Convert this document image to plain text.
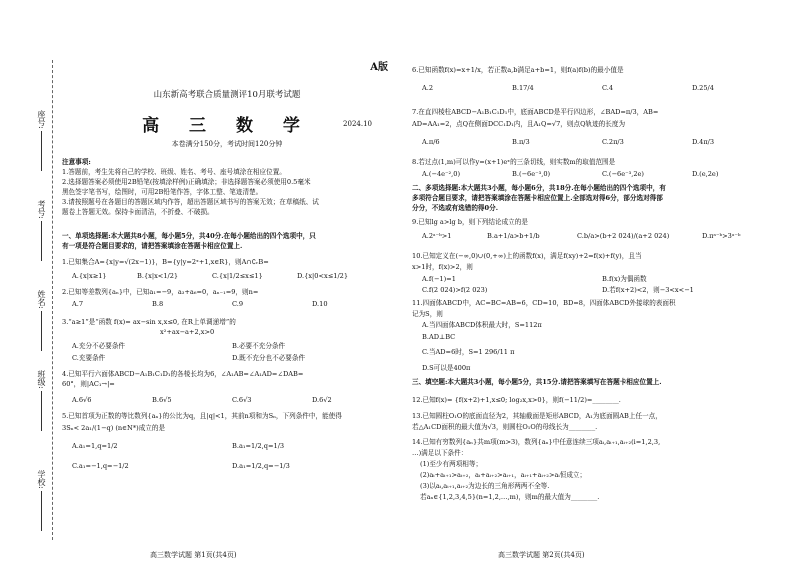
学校:
班级:
姓名:
考号:
座号:
A版
山东新高考联合质量测评10月联考试题
高 三 数 学	2024.10
本卷满分150分，考试时间120分钟
注意事项:
1.答题前，考生先将自己的学校、班级、姓名、考号、座号填涂在相应位置。
2.选择题答案必须使用2B铅笔(按填涂样例)正确填涂；非选择题答案必须使用0.5毫米
黑色签字笔书写，绘图时，可用2B铅笔作答，字体工整、笔迹清楚。
3.请按照题号在各题目的答题区域内作答，超出答题区域书写的答案无效；在草稿纸、试
题卷上答题无效。保持卡面清洁，不折叠、不破损。
一、单项选择题:本大题共8小题，每小题5分，共40分.在每小题给出的四个选项中，只
有一项是符合题目要求的，请把答案填涂在答题卡相应位置上.
1.已知集合A={x|y=√(2x−1)}，B={y|y=2ˣ+1,x∈R}，则A∩∁ᵣB=
A.{x|x≥1}	B.{x|x<1/2}	C.{x|1/2≤x≤1}	D.{x|0<x≤1/2}
2.已知等差数列{aₙ}中，已知a₁=−9，a₃+a₆=0，aₙ₋₁=9，则n=
A.7	B.8	C.9	D.10
3.“a≥1”是“函数 f(x)= ax−sin x,x≤0, 在R上单调递增”的
x²+ax−a+2,x>0
A.充分不必要条件	B.必要不充分条件
C.充要条件	D.既不充分也不必要条件
4.已知平行六面体ABCD−A₁B₁C₁D₁的各棱长均为6，∠A₁AB=∠A₁AD=∠DAB=
60°，则|AC₁→|=
A.6√6	B.6√5	C.6√3	D.6√2
5.已知首项为正数的等比数列{aₙ}的公比为q，且|q|<1，其前n项和为Sₙ，下列条件中，能使得
3Sₙ< 2a₁/(1−q) (n∈N*)成立的是
A.a₁=1,q=1/2	B.a₁=1/2,q=1/3
C.a₁=−1,q=−1/2	D.a₁=1/2,q=−1/3
高三数学试题 第1页(共4页)
6.已知函数f(x)=x+1/x，若正数a,b满足a+b=1，则f(a)f(b)的最小值是
A.2	B.17/4	C.4	D.25/4
7.在直四棱柱ABCD−A₁B₁C₁D₁中，底面ABCD是平行四边形，∠BAD=π/3，AB=
AD=AA₁=2，点Q在侧面DCC₁D₁内，且A₁Q=√7，则点Q轨迹的长度为
A.π/6	B.π/3	C.2π/3	D.4π/3
8.若过点(1,m)可以作y=(x+1)eˣ的三条切线，则实数m的取值范围是
A.(−4e⁻²,0)	B.(−6e⁻³,0)	C.(−6e⁻³,2e)	D.(e,2e)
二、多项选择题:本大题共3小题，每小题6分，共18分.在每小题给出的四个选项中，有
多项符合题目要求，请把答案填涂在答题卡相应位置上.全部选对得6分，部分选对得部
分分，不选或有选错的得0分.
9.已知lg a>lg b，则下列结论成立的是
A.2ᵃ⁻ᵇ>1	B.a+1/a>b+1/b	C.b/a>(b+2 024)/(a+2 024)	D.πᵃ⁻ᵇ>3ᵃ⁻ᵇ
10.已知定义在(−∞,0)∪(0,+∞)上的函数f(x)，满足f(xy)+2=f(x)+f(y)，且当
x>1时，f(x)>2，则
A.f(−1)=1	B.f(x)为偶函数
C.f(2 024)>f(2 023)	D.若f(x+2)<2，则−3<x<−1
11.四面体ABCD中，AC=BC=AB=6，CD=10，BD=8，四面体ABCD外接球的表面积
记为S，则
A.当四面体ABCD体积最大时，S=112π
B.AD⊥BC
C.当AD=6时，S=1 296/11 π
D.S可以是400π
三、填空题:本大题共3小题，每小题5分，共15分.请把答案填写在答题卡相应位置上.
12.已知f(x)= {f(x+2)+1,x≤0; log₂x,x>0}，则f(−11/2)=________.
13.已知圆柱O₁O的底面直径为2，其轴截面是矩形ABCD，A₁为底面圆AB上任一点，
若△A₁CD面积的最大值为√3，则圆柱O₁O的母线长为________.
14.已知有穷数列{aₙ}共m项(m>3)，数列{aₙ}中任意连续三项aᵢ,aᵢ₊₁,aᵢ₊₂(i=1,2,3,
…)满足以下条件：
(1)至少有两项相等；
(2)aᵢ+aᵢ₊₁>aᵢ₊₂，aᵢ+aᵢ₊₂>aᵢ₊₁，aᵢ₊₁+aᵢ₊₂>aᵢ恒成立；
(3)以aᵢ,aᵢ₊₁,aᵢ₊₂为边长的三角形两两不全等.
若aₙ∈{1,2,3,4,5}(n=1,2,…,m)，则m的最大值为________.
高三数学试题 第2页(共4页)
